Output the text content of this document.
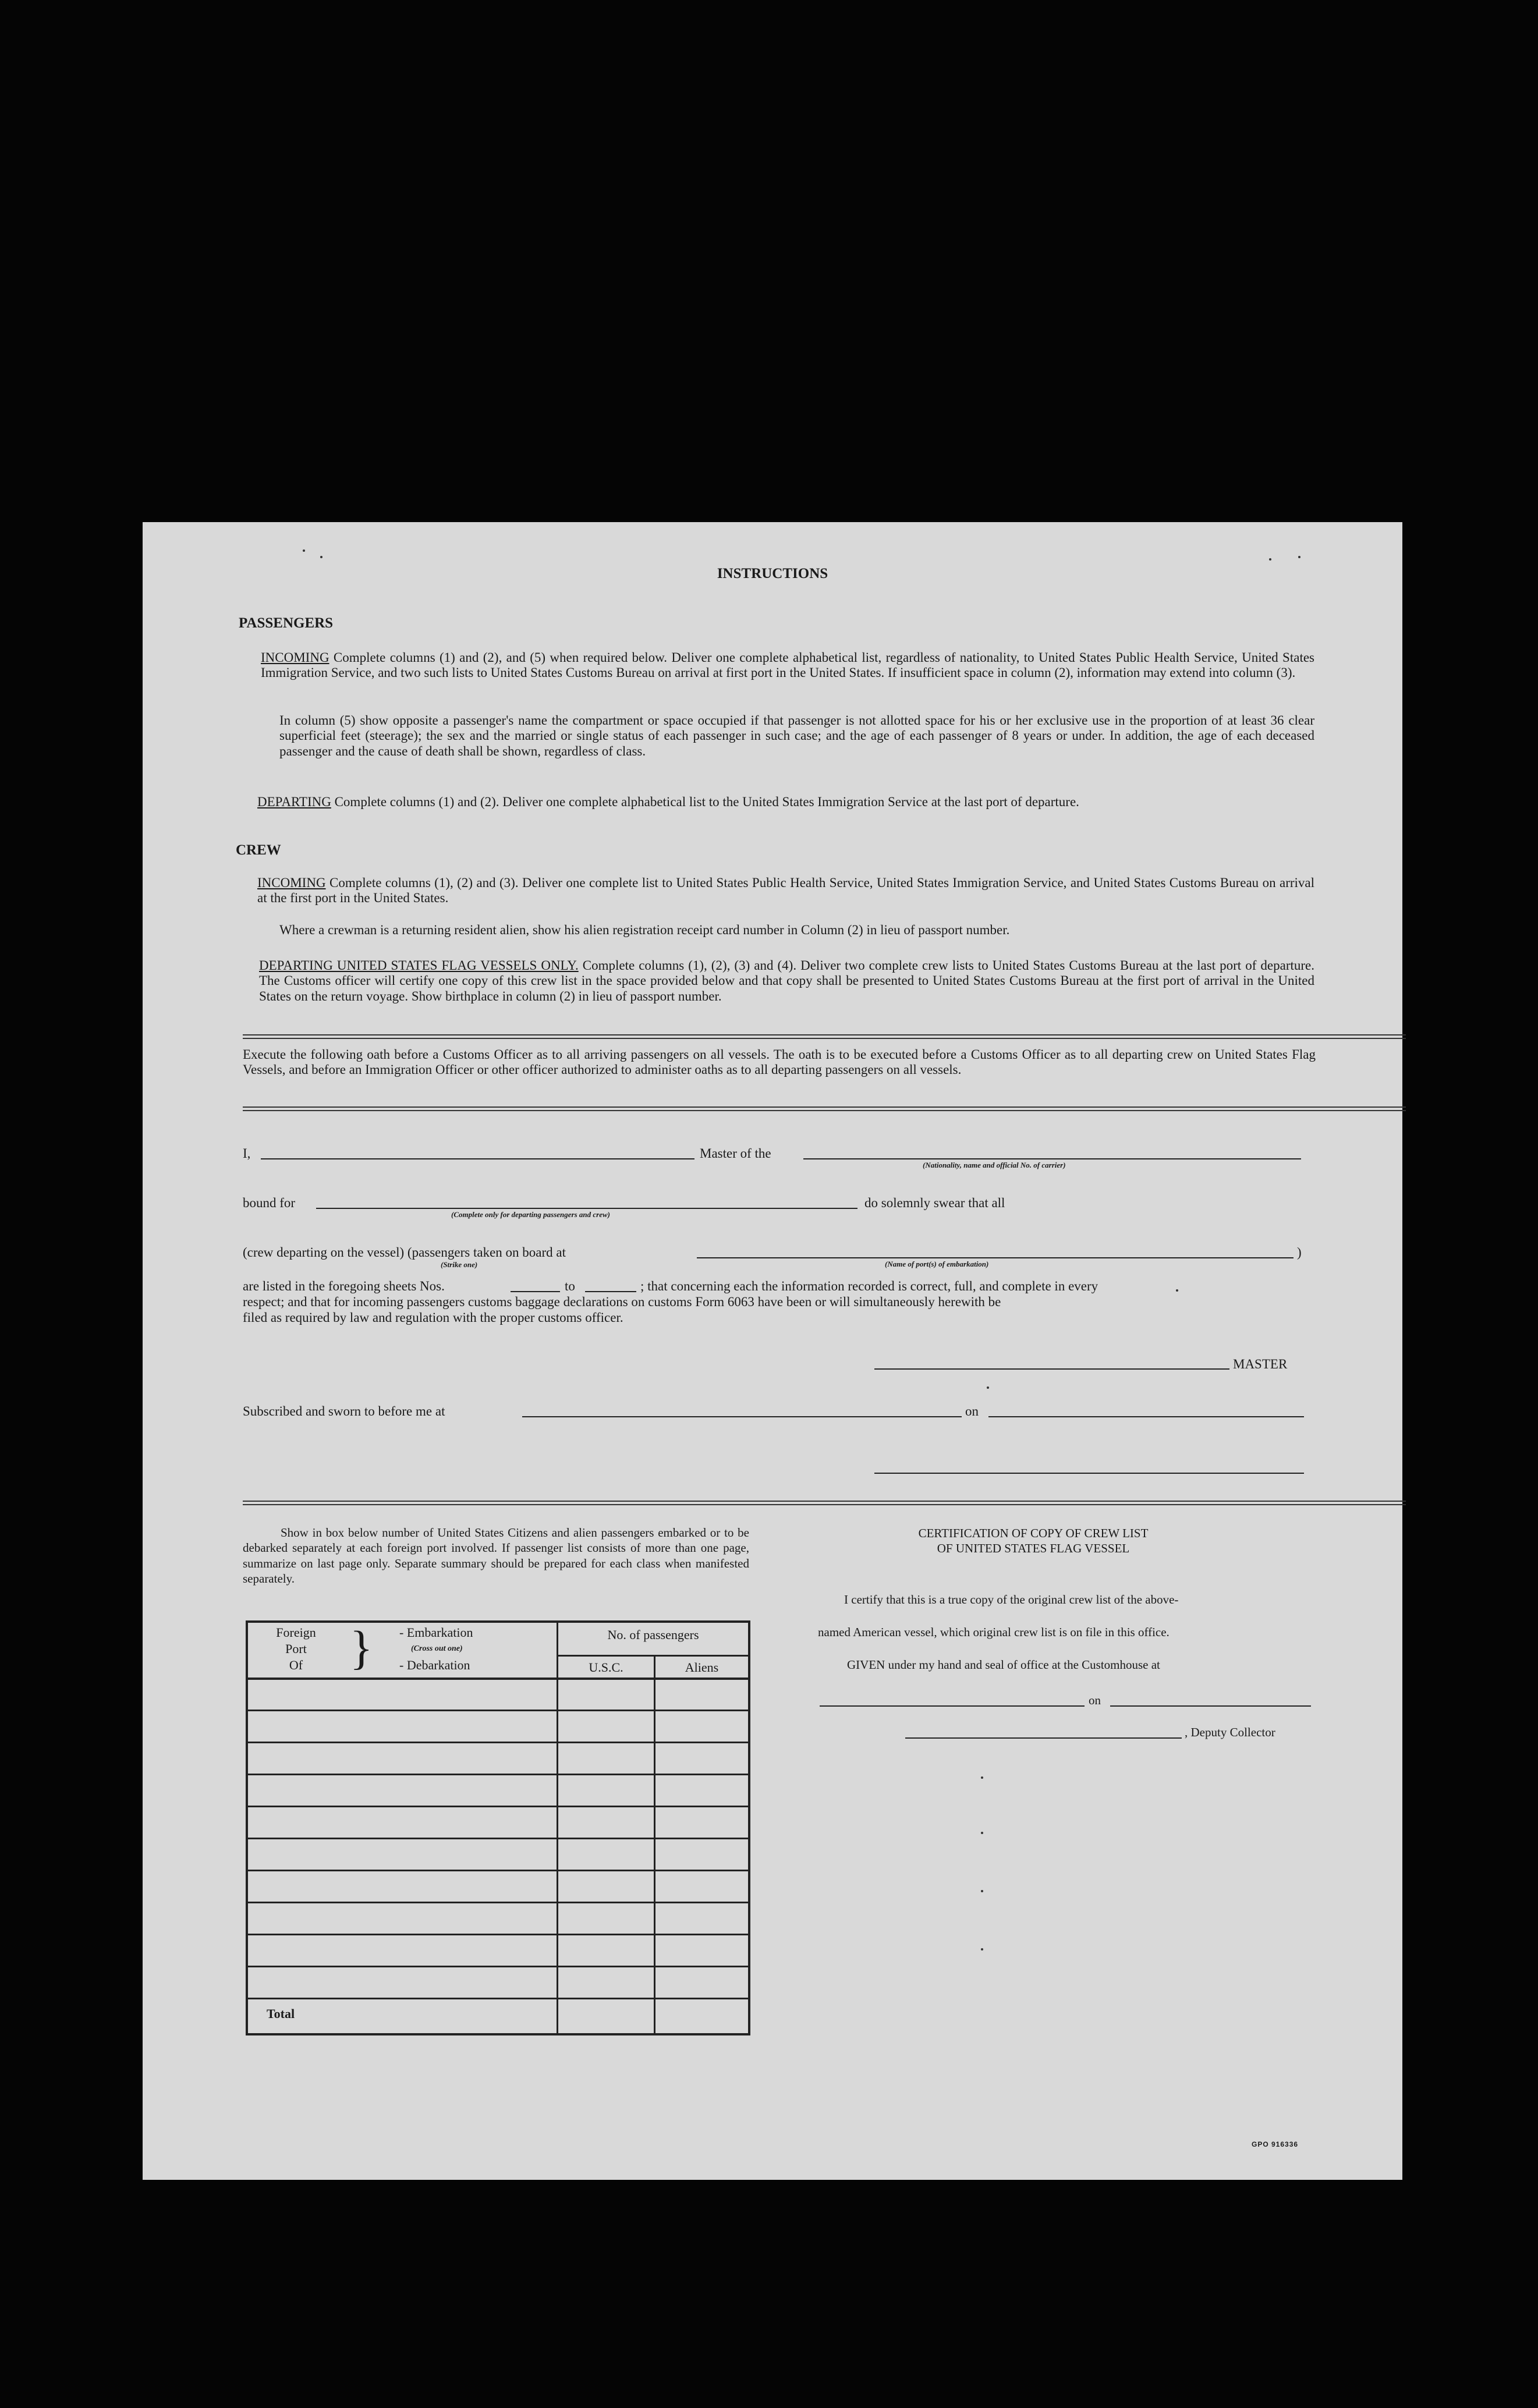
INSTRUCTIONS
PASSENGERS
INCOMING Complete columns (1) and (2), and (5) when required below. Deliver one complete alphabetical list, regardless of nationality, to United States Public Health Service, United States Immigration Service, and two such lists to United States Customs Bureau on arrival at first port in the United States. If insufficient space in column (2), information may extend into column (3).
In column (5) show opposite a passenger's name the compartment or space occupied if that passenger is not allotted space for his or her exclusive use in the proportion of at least 36 clear superficial feet (steerage); the sex and the married or single status of each passenger in such case; and the age of each passenger of 8 years or under. In addition, the age of each deceased passenger and the cause of death shall be shown, regardless of class.
DEPARTING Complete columns (1) and (2). Deliver one complete alphabetical list to the United States Immigration Service at the last port of departure.
CREW
INCOMING Complete columns (1), (2) and (3). Deliver one complete list to United States Public Health Service, United States Immigration Service, and United States Customs Bureau on arrival at the first port in the United States.
Where a crewman is a returning resident alien, show his alien registration receipt card number in Column (2) in lieu of passport number.
DEPARTING UNITED STATES FLAG VESSELS ONLY. Complete columns (1), (2), (3) and (4). Deliver two complete crew lists to United States Customs Bureau at the last port of departure. The Customs officer will certify one copy of this crew list in the space provided below and that copy shall be presented to United States Customs Bureau at the first port of arrival in the United States on the return voyage. Show birthplace in column (2) in lieu of passport number.
Execute the following oath before a Customs Officer as to all arriving passengers on all vessels. The oath is to be executed before a Customs Officer as to all departing crew on United States Flag Vessels, and before an Immigration Officer or other officer authorized to administer oaths as to all departing passengers on all vessels.
I,	Master of the
(Nationality, name and official No. of carrier)
bound for
(Complete only for departing passengers and crew)
do solemnly swear that all
(crew departing on the vessel) (passengers taken on board at
(Strike one)	(Name of port(s) of embarkation)
)
are listed in the foregoing sheets Nos.	to	; that concerning each the information recorded is correct, full, and complete in every
respect; and that for incoming passengers customs baggage declarations on customs Form 6063 have been or will simultaneously herewith be
filed as required by law and regulation with the proper customs officer.
MASTER
Subscribed and sworn to before me at	on
Show in box below number of United States Citizens and alien passengers embarked or to be debarked separately at each foreign port involved. If passenger list consists of more than one page, summarize on last page only. Separate summary should be prepared for each class when manifested separately.
Foreign
Port
Of } - Embarkation
(Cross out one)
- Debarkation
No. of passengers
U.S.C.	Aliens
Total
CERTIFICATION OF COPY OF CREW LIST
OF UNITED STATES FLAG VESSEL
I certify that this is a true copy of the original crew list of the above-
named American vessel, which original crew list is on file in this office.
GIVEN under my hand and seal of office at the Customhouse at
on
, Deputy Collector
GPO 916336
